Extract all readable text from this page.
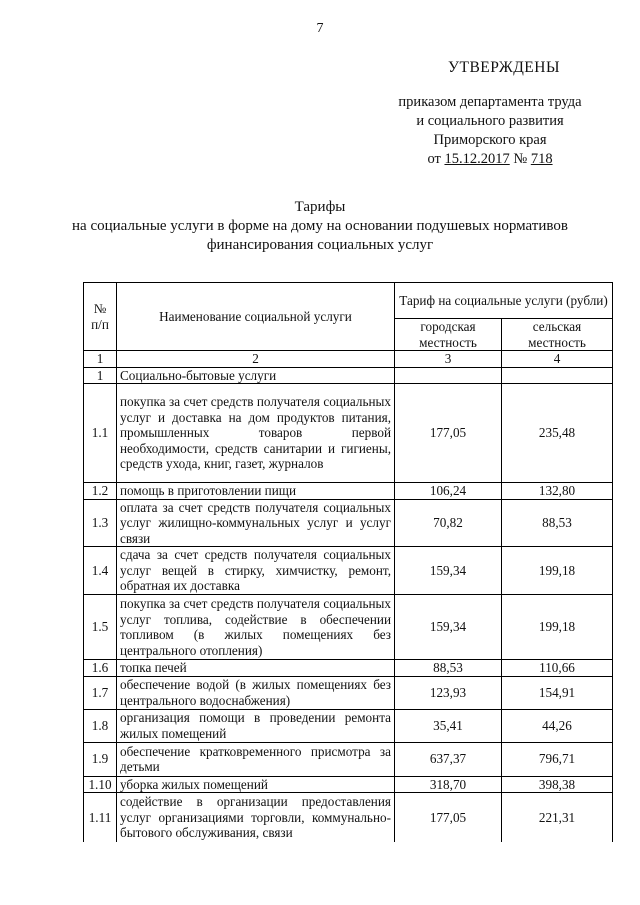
7
УТВЕРЖДЕНЫ
приказом департамента труда
и социального развития
Приморского края
от 15.12.2017 № 718
Тарифы
на социальные услуги в форме на дому на основании подушевых нормативов
финансирования социальных услуг
№ п/п	Наименование социальной услуги	Тариф на социальные услуги (рубли)	
		городская местность	сельская местность
1	2	3	4
1	Социально-бытовые услуги		
1.1	покупка за счет средств получателя социальных услуг и доставка на дом продуктов питания, промышленных товаров первой необходимости, средств санитарии и гигиены, средств ухода, книг, газет, журналов	177,05	235,48
1.2	помощь в приготовлении пищи	106,24	132,80
1.3	оплата за счет средств получателя социальных услуг жилищно-коммунальных услуг и услуг связи	70,82	88,53
1.4	сдача за счет средств получателя социальных услуг вещей в стирку, химчистку, ремонт, обратная их доставка	159,34	199,18
1.5	покупка за счет средств получателя социальных услуг топлива, содействие в обеспечении топливом (в жилых помещениях без центрального отопления)	159,34	199,18
1.6	топка печей	88,53	110,66
1.7	обеспечение водой (в жилых помещениях без центрального водоснабжения)	123,93	154,91
1.8	организация помощи в проведении ремонта жилых помещений	35,41	44,26
1.9	обеспечение кратковременного присмотра за детьми	637,37	796,71
1.10	уборка жилых помещений	318,70	398,38
1.11	содействие в организации предоставления услуг организациями торговли, коммунально-бытового обслуживания, связи	177,05	221,31
